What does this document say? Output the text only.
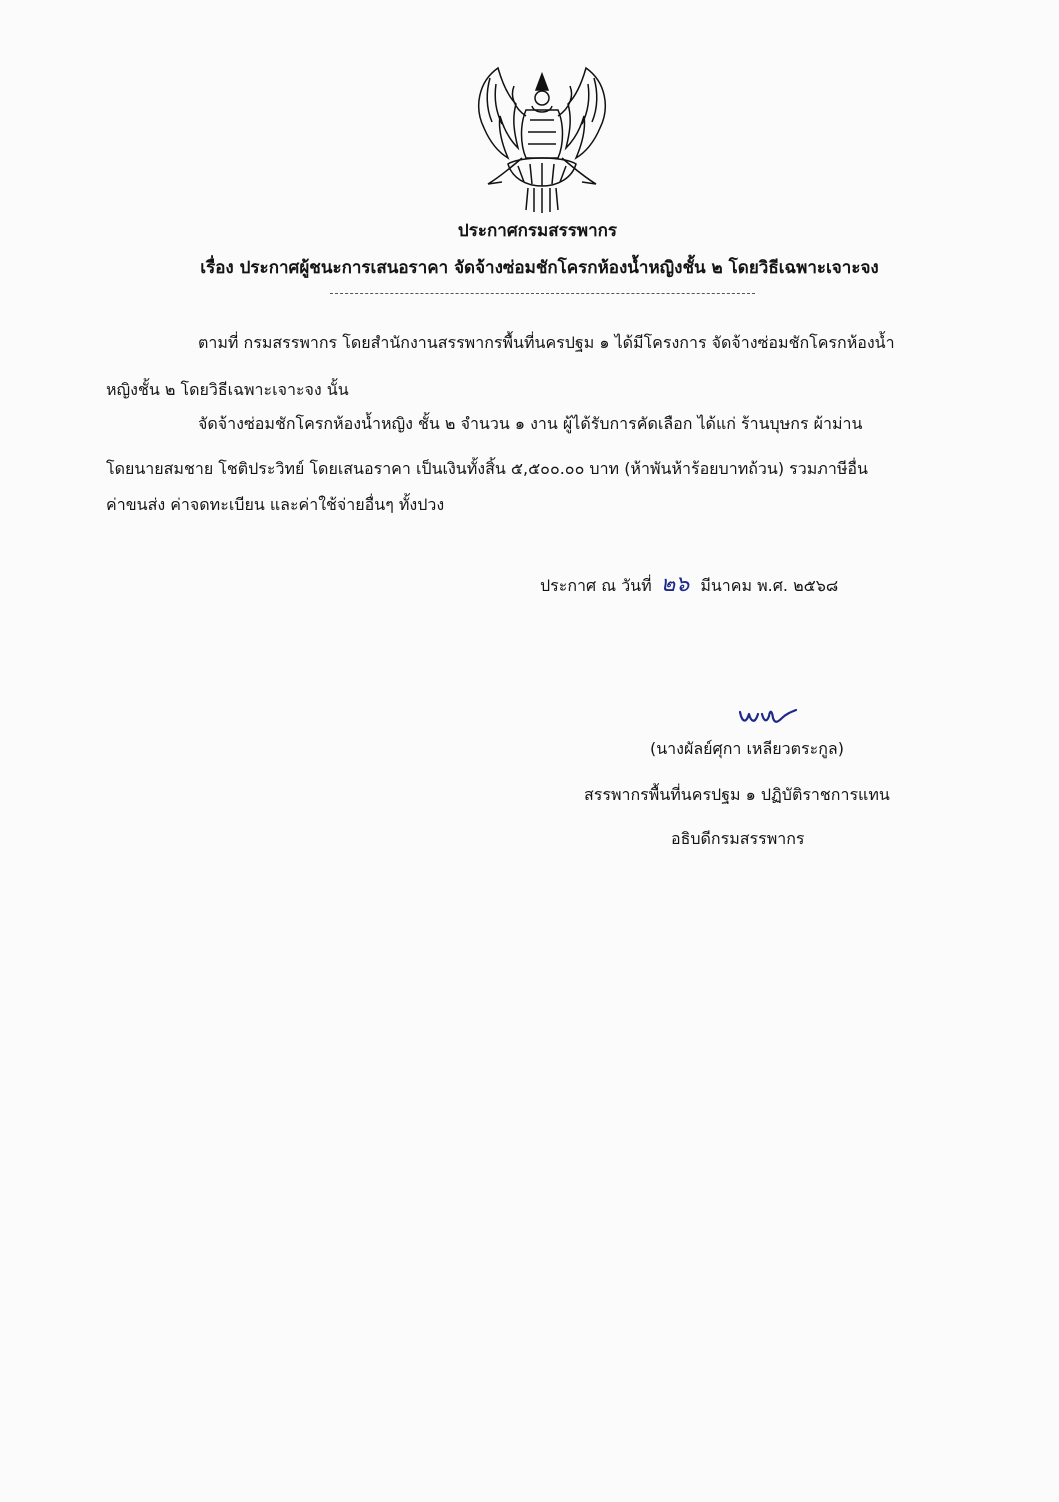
ประกาศกรมสรรพากร
เรื่อง ประกาศผู้ชนะการเสนอราคา จัดจ้างซ่อมชักโครกห้องน้ำหญิงชั้น ๒ โดยวิธีเฉพาะเจาะจง
ตามที่ กรมสรรพากร โดยสำนักงานสรรพากรพื้นที่นครปฐม ๑ ได้มีโครงการ จัดจ้างซ่อมชักโครกห้องน้ำ
หญิงชั้น ๒ โดยวิธีเฉพาะเจาะจง นั้น
จัดจ้างซ่อมชักโครกห้องน้ำหญิง ชั้น ๒ จำนวน ๑ งาน ผู้ได้รับการคัดเลือก ได้แก่ ร้านบุษกร ผ้าม่าน
โดยนายสมชาย โชติประวิทย์ โดยเสนอราคา เป็นเงินทั้งสิ้น ๕,๕๐๐.๐๐ บาท (ห้าพันห้าร้อยบาทถ้วน) รวมภาษีอื่น
ค่าขนส่ง ค่าจดทะเบียน และค่าใช้จ่ายอื่นๆ ทั้งปวง
ประกาศ ณ วันที่ ๒๖ มีนาคม พ.ศ. ๒๕๖๘
(นางผัลย์ศุกา เหลียวตระกูล)
สรรพากรพื้นที่นครปฐม ๑ ปฏิบัติราชการแทน
อธิบดีกรมสรรพากร
